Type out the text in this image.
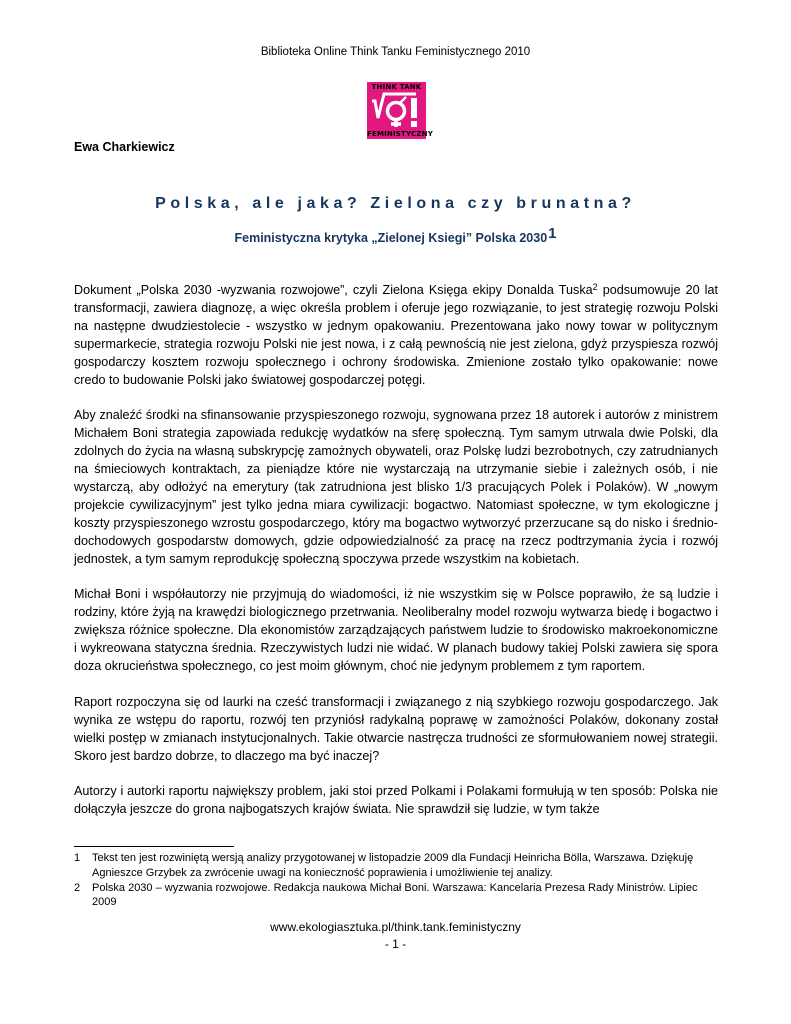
Biblioteka Online Think Tanku Feministycznego 2010
THINK TANK
FEMINISTYCZNY
Ewa Charkiewicz
Polska, ale jaka? Zielona czy brunatna?
Feministyczna krytyka „Zielonej Ksiegi” Polska 2030$^1$

Dokument „Polska 2030 -wyzwania rozwojowe”, czyli Zielona Księga ekipy Donalda Tuska$^2$ podsumowuje 20 lat transformacji, zawiera diagnozę, a więc określa problem i oferuje jego rozwiązanie, to jest strategię rozwoju Polski na następne dwudziestolecie - wszystko w jednym opakowaniu. Prezentowana jako nowy towar w politycznym supermarkecie, strategia rozwoju Polski nie jest nowa, i z całą pewnością nie jest zielona, gdyż przyspiesza rozwój gospodarczy kosztem rozwoju społecznego i ochrony środowiska. Zmienione zostało tylko opakowanie: nowe credo to budowanie Polski jako światowej gospodarczej potęgi.

Aby znaleźć środki na sfinansowanie przyspieszonego rozwoju, sygnowana przez 18 autorek i autorów z ministrem Michałem Boni strategia zapowiada redukcję wydatków na sferę społeczną. Tym samym utrwala dwie Polski, dla zdolnych do życia na własną subskrypcję zamożnych obywateli, oraz Polskę ludzi bezrobotnych, czy zatrudnianych na śmieciowych kontraktach, za pieniądze które nie wystarczają na utrzymanie siebie i zależnych osób, i nie wystarczą, aby odłożyć na emerytury (tak zatrudniona jest blisko 1/3 pracujących Polek i Polaków). W „nowym projekcie cywilizacyjnym” jest tylko jedna miara cywilizacji: bogactwo. Natomiast społeczne, w tym ekologiczne j koszty przyspieszonego wzrostu gospodarczego, który ma bogactwo wytworzyć przerzucane są do nisko i średnio-dochodowych gospodarstw domowych, gdzie odpowiedzialność za pracę na rzecz podtrzymania życia i rozwój jednostek, a tym samym reprodukcję społeczną spoczywa przede wszystkim na kobietach.

Michał Boni i współautorzy nie przyjmują do wiadomości, iż nie wszystkim się w Polsce poprawiło, że są ludzie i rodziny, które żyją na krawędzi biologicznego przetrwania. Neoliberalny model rozwoju wytwarza biedę i bogactwo i zwiększa różnice społeczne. Dla ekonomistów zarządzających państwem ludzie to środowisko makroekonomiczne i wykreowana statyczna średnia. Rzeczywistych ludzi nie widać. W planach budowy takiej Polski zawiera się spora doza okrucieństwa społecznego, co jest moim głównym, choć nie jedynym problemem z tym raportem.

Raport rozpoczyna się od laurki na cześć transformacji i związanego z nią szybkiego rozwoju gospodarczego. Jak wynika ze wstępu do raportu, rozwój ten przyniósł radykalną poprawę w zamożności Polaków, dokonany został wielki postęp w zmianach instytucjonalnych. Takie otwarcie nastręcza trudności ze sformułowaniem nowej strategii. Skoro jest bardzo dobrze, to dlaczego ma być inaczej?

Autorzy i autorki raportu największy problem, jaki stoi przed Polkami i Polakami formułują w ten sposób: Polska nie dołączyła jeszcze do grona najbogatszych krajów świata. Nie sprawdził się ludzie, w tym także

1	Tekst ten jest rozwiniętą wersją analizy przygotowanej w listopadzie 2009 dla Fundacji Heinricha Bölla, Warszawa. Dziękuję Agnieszce Grzybek za zwrócenie uwagi na konieczność poprawienia i umożliwienie tej analizy.
2	Polska 2030 – wyzwania rozwojowe. Redakcja naukowa Michał Boni. Warszawa: Kancelaria Prezesa Rady Ministrów. Lipiec 2009
www.ekologiasztuka.pl/think.tank.feministyczny
- 1 -
